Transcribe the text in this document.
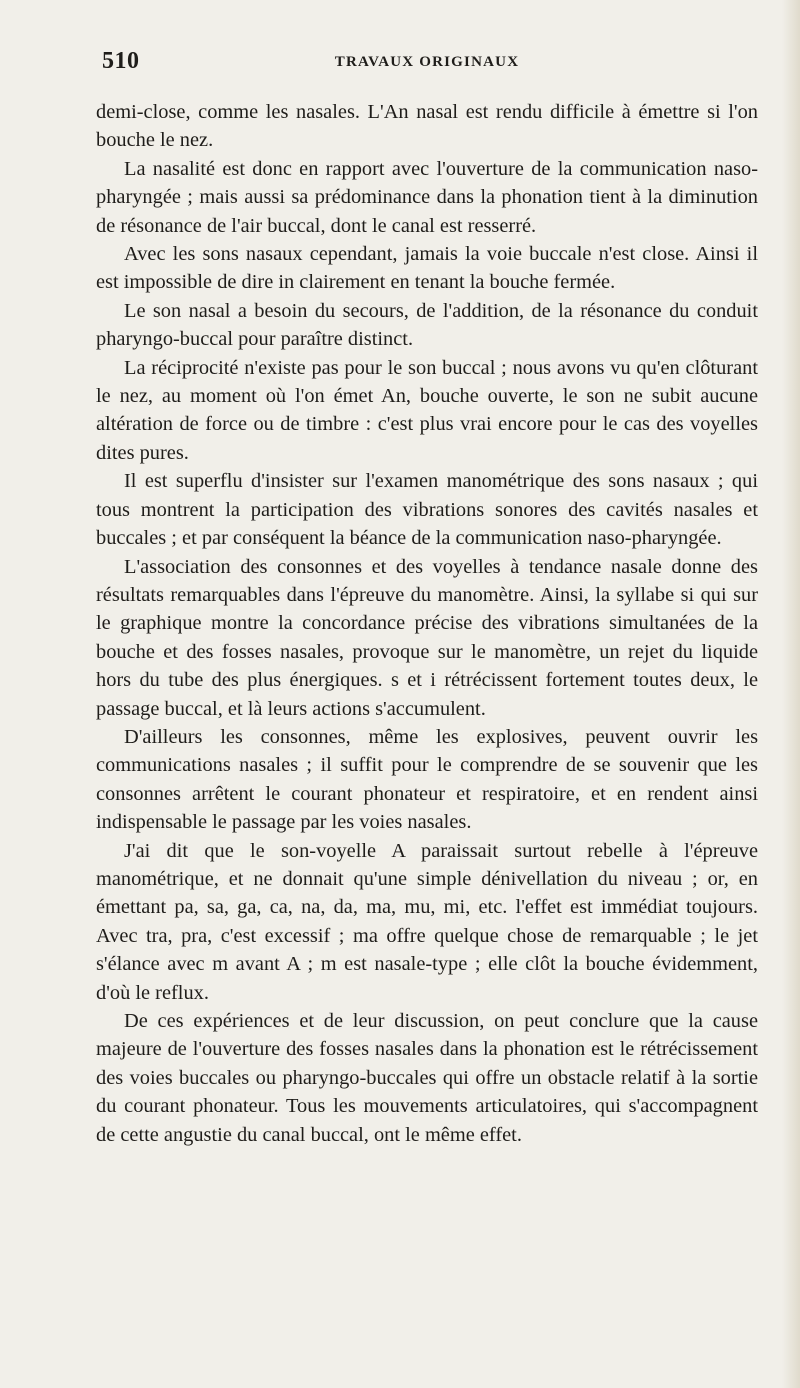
510	TRAVAUX ORIGINAUX

demi-close, comme les nasales. L'An nasal est rendu difficile à émettre si l'on bouche le nez.

La nasalité est donc en rapport avec l'ouverture de la communication naso-pharyngée ; mais aussi sa prédominance dans la phonation tient à la diminution de résonance de l'air buccal, dont le canal est resserré.

Avec les sons nasaux cependant, jamais la voie buccale n'est close. Ainsi il est impossible de dire in clairement en tenant la bouche fermée.

Le son nasal a besoin du secours, de l'addition, de la résonance du conduit pharyngo-buccal pour paraître distinct.

La réciprocité n'existe pas pour le son buccal ; nous avons vu qu'en clôturant le nez, au moment où l'on émet An, bouche ouverte, le son ne subit aucune altération de force ou de timbre : c'est plus vrai encore pour le cas des voyelles dites pures.

Il est superflu d'insister sur l'examen manométrique des sons nasaux ; qui tous montrent la participation des vibrations sonores des cavités nasales et buccales ; et par conséquent la béance de la communication naso-pharyngée.

L'association des consonnes et des voyelles à tendance nasale donne des résultats remarquables dans l'épreuve du manomètre. Ainsi, la syllabe si qui sur le graphique montre la concordance précise des vibrations simultanées de la bouche et des fosses nasales, provoque sur le manomètre, un rejet du liquide hors du tube des plus énergiques. s et i rétrécissent fortement toutes deux, le passage buccal, et là leurs actions s'accumulent.

D'ailleurs les consonnes, même les explosives, peuvent ouvrir les communications nasales ; il suffit pour le comprendre de se souvenir que les consonnes arrêtent le courant phonateur et respiratoire, et en rendent ainsi indispensable le passage par les voies nasales.

J'ai dit que le son-voyelle A paraissait surtout rebelle à l'épreuve manométrique, et ne donnait qu'une simple dénivellation du niveau ; or, en émettant pa, sa, ga, ca, na, da, ma, mu, mi, etc. l'effet est immédiat toujours. Avec tra, pra, c'est excessif ; ma offre quelque chose de remarquable ; le jet s'élance avec m avant A ; m est nasale-type ; elle clôt la bouche évidemment, d'où le reflux.

De ces expériences et de leur discussion, on peut conclure que la cause majeure de l'ouverture des fosses nasales dans la phonation est le rétrécissement des voies buccales ou pharyngo-buccales qui offre un obstacle relatif à la sortie du courant phonateur. Tous les mouvements articulatoires, qui s'accompagnent de cette angustie du canal buccal, ont le même effet.
